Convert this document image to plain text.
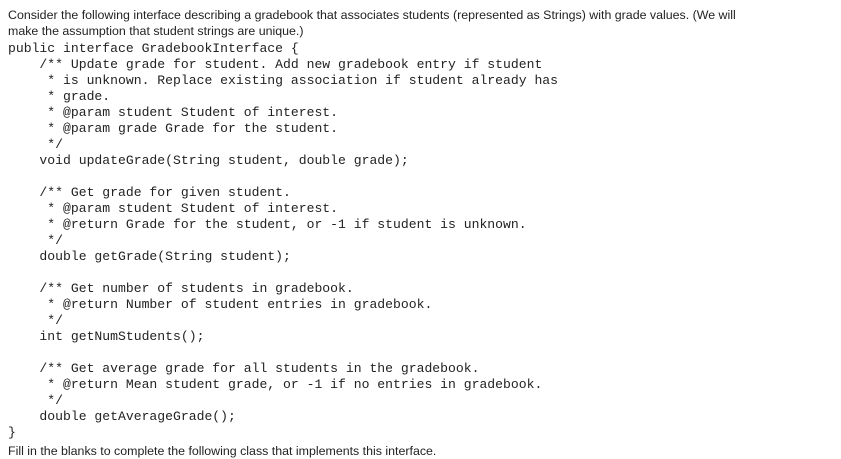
Consider the following interface describing a gradebook that associates students (represented as Strings) with grade values. (We will
make the assumption that student strings are unique.)
public interface GradebookInterface {
/** Update grade for student. Add new gradebook entry if student
* is unknown. Replace existing association if student already has
* grade.
* @param student Student of interest.
* @param grade Grade for the student.
*/
void updateGrade(String student, double grade);
/** Get grade for given student.
* @param student Student of interest.
* @return Grade for the student, or -1 if student is unknown.
*/
double getGrade(String student);
/** Get number of students in gradebook.
* @return Number of student entries in gradebook.
*/
int getNumStudents();
/** Get average grade for all students in the gradebook.
* @return Mean student grade, or -1 if no entries in gradebook.
*/
double getAverageGrade();
}
Fill in the blanks to complete the following class that implements this interface.
